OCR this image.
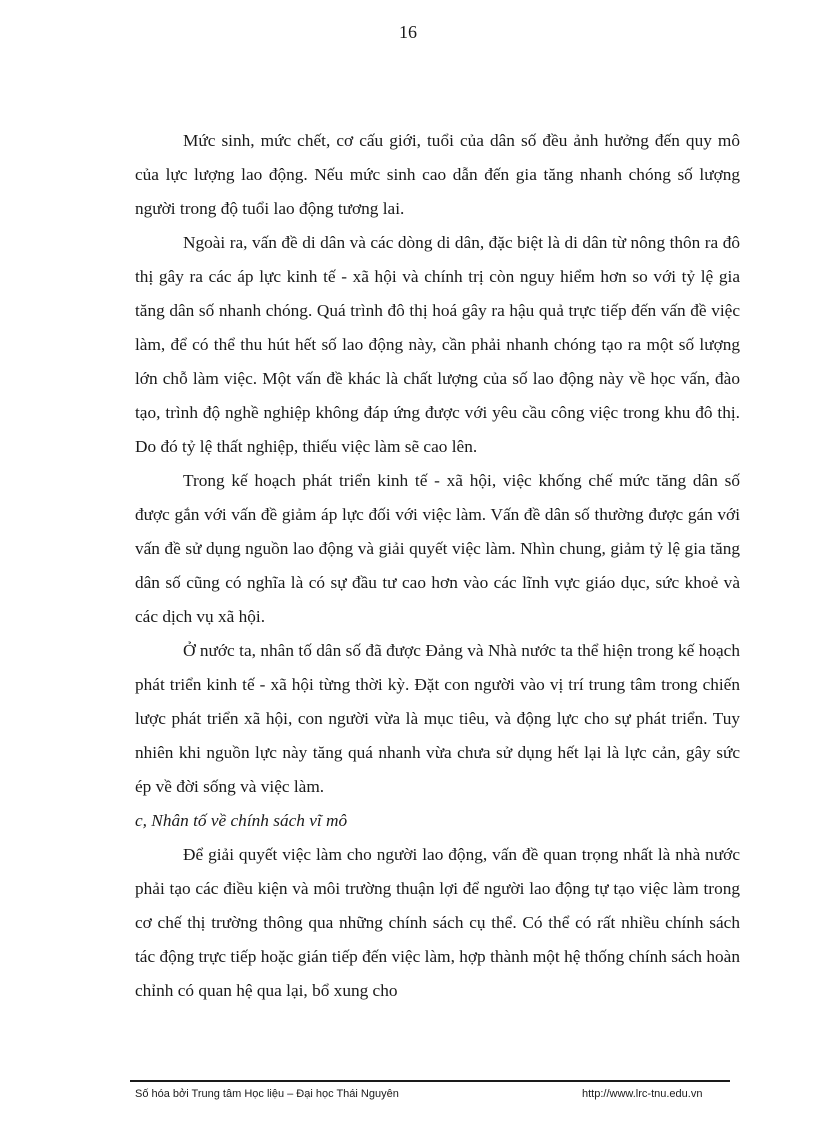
16

Mức sinh, mức chết, cơ cấu giới, tuổi của dân số đều ảnh hưởng đến quy mô của lực lượng lao động. Nếu mức sinh cao dẫn đến gia tăng nhanh chóng số lượng người trong độ tuổi lao động tương lai.

Ngoài ra, vấn đề di dân và các dòng di dân, đặc biệt là di dân từ nông thôn ra đô thị gây ra các áp lực kinh tế - xã hội và chính trị còn nguy hiểm hơn so với tỷ lệ gia tăng dân số nhanh chóng. Quá trình đô thị hoá gây ra hậu quả trực tiếp đến vấn đề việc làm, để có thể thu hút hết số lao động này, cần phải nhanh chóng tạo ra một số lượng lớn chỗ làm việc. Một vấn đề khác là chất lượng của số lao động này về học vấn, đào tạo, trình độ nghề nghiệp không đáp ứng được với yêu cầu công việc trong khu đô thị. Do đó tỷ lệ thất nghiệp, thiếu việc làm sẽ cao lên.

Trong kế hoạch phát triển kinh tế - xã hội, việc khống chế mức tăng dân số được gắn với vấn đề giảm áp lực đối với việc làm. Vấn đề dân số thường được gán với vấn đề sử dụng nguồn lao động và giải quyết việc làm. Nhìn chung, giảm tỷ lệ gia tăng dân số cũng có nghĩa là có sự đầu tư cao hơn vào các lĩnh vực giáo dục, sức khoẻ và các dịch vụ xã hội.

Ở nước ta, nhân tố dân số đã được Đảng và Nhà nước ta thể hiện trong kế hoạch phát triển kinh tế - xã hội từng thời kỳ. Đặt con người vào vị trí trung tâm trong chiến lược phát triển xã hội, con người vừa là mục tiêu, và động lực cho sự phát triển. Tuy nhiên khi nguồn lực này tăng quá nhanh vừa chưa sử dụng hết lại là lực cản, gây sức ép về đời sống và việc làm.

c, Nhân tố về chính sách vĩ mô

Để giải quyết việc làm cho người lao động, vấn đề quan trọng nhất là nhà nước phải tạo các điều kiện và môi trường thuận lợi để người lao động tự tạo việc làm trong cơ chế thị trường thông qua những chính sách cụ thể. Có thể có rất nhiều chính sách tác động trực tiếp hoặc gián tiếp đến việc làm, hợp thành một hệ thống chính sách hoàn chỉnh có quan hệ qua lại, bổ xung cho

Số hóa bởi Trung tâm Học liệu – Đại học Thái Nguyên	http://www.lrc-tnu.edu.vn
